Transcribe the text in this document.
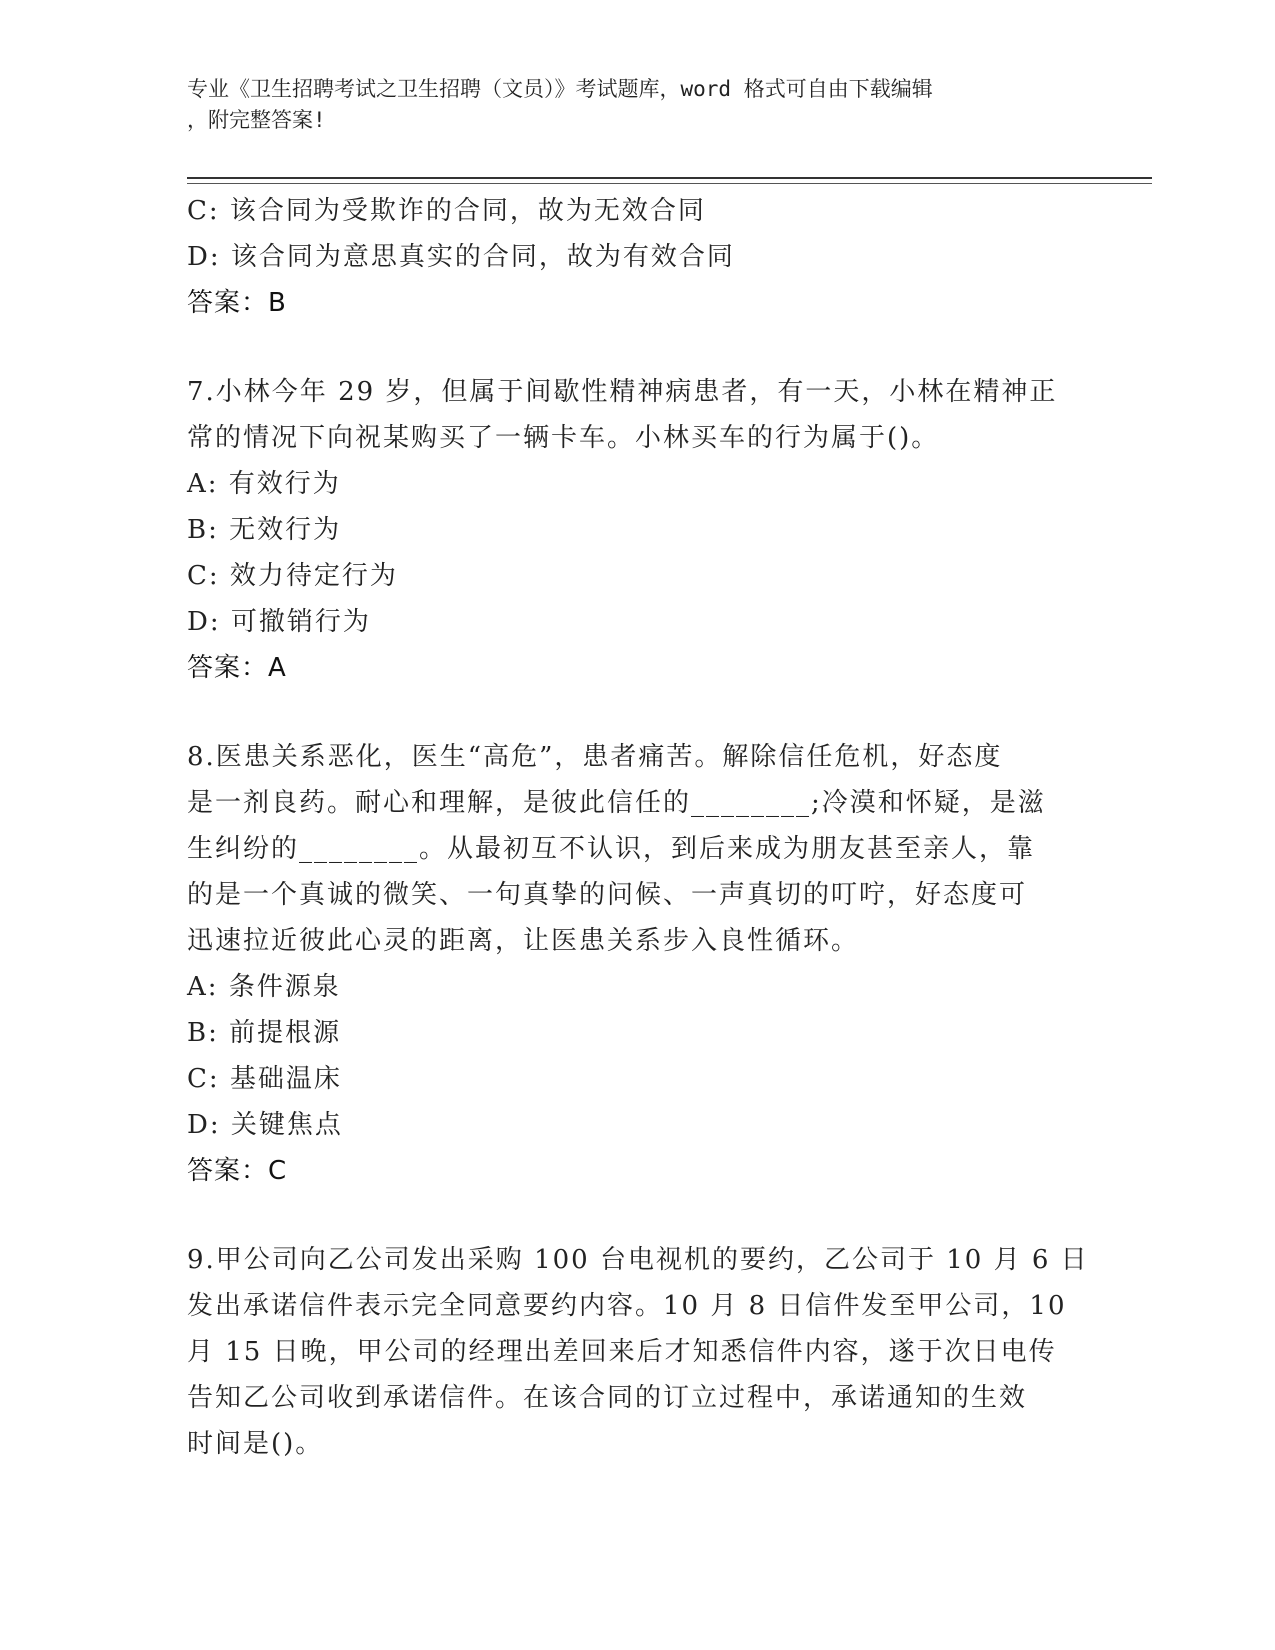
专业《卫生招聘考试之卫生招聘（文员）》考试题库，word 格式可自由下载编辑
，附完整答案!
C: 该合同为受欺诈的合同，故为无效合同
D: 该合同为意思真实的合同，故为有效合同
答案：B
7.小林今年 29 岁，但属于间歇性精神病患者，有一天，小林在精神正
常的情况下向祝某购买了一辆卡车。小林买车的行为属于()。
A: 有效行为
B: 无效行为
C: 效力待定行为
D: 可撤销行为
答案：A
8.医患关系恶化，医生“高危”，患者痛苦。解除信任危机，好态度
是一剂良药。耐心和理解，是彼此信任的________;冷漠和怀疑，是滋
生纠纷的________。从最初互不认识，到后来成为朋友甚至亲人，靠
的是一个真诚的微笑、一句真挚的问候、一声真切的叮咛，好态度可
迅速拉近彼此心灵的距离，让医患关系步入良性循环。
A: 条件源泉
B: 前提根源
C: 基础温床
D: 关键焦点
答案：C
9.甲公司向乙公司发出采购 100 台电视机的要约，乙公司于 10 月 6 日
发出承诺信件表示完全同意要约内容。10 月 8 日信件发至甲公司，10
月 15 日晚，甲公司的经理出差回来后才知悉信件内容，遂于次日电传
告知乙公司收到承诺信件。在该合同的订立过程中，承诺通知的生效
时间是()。
